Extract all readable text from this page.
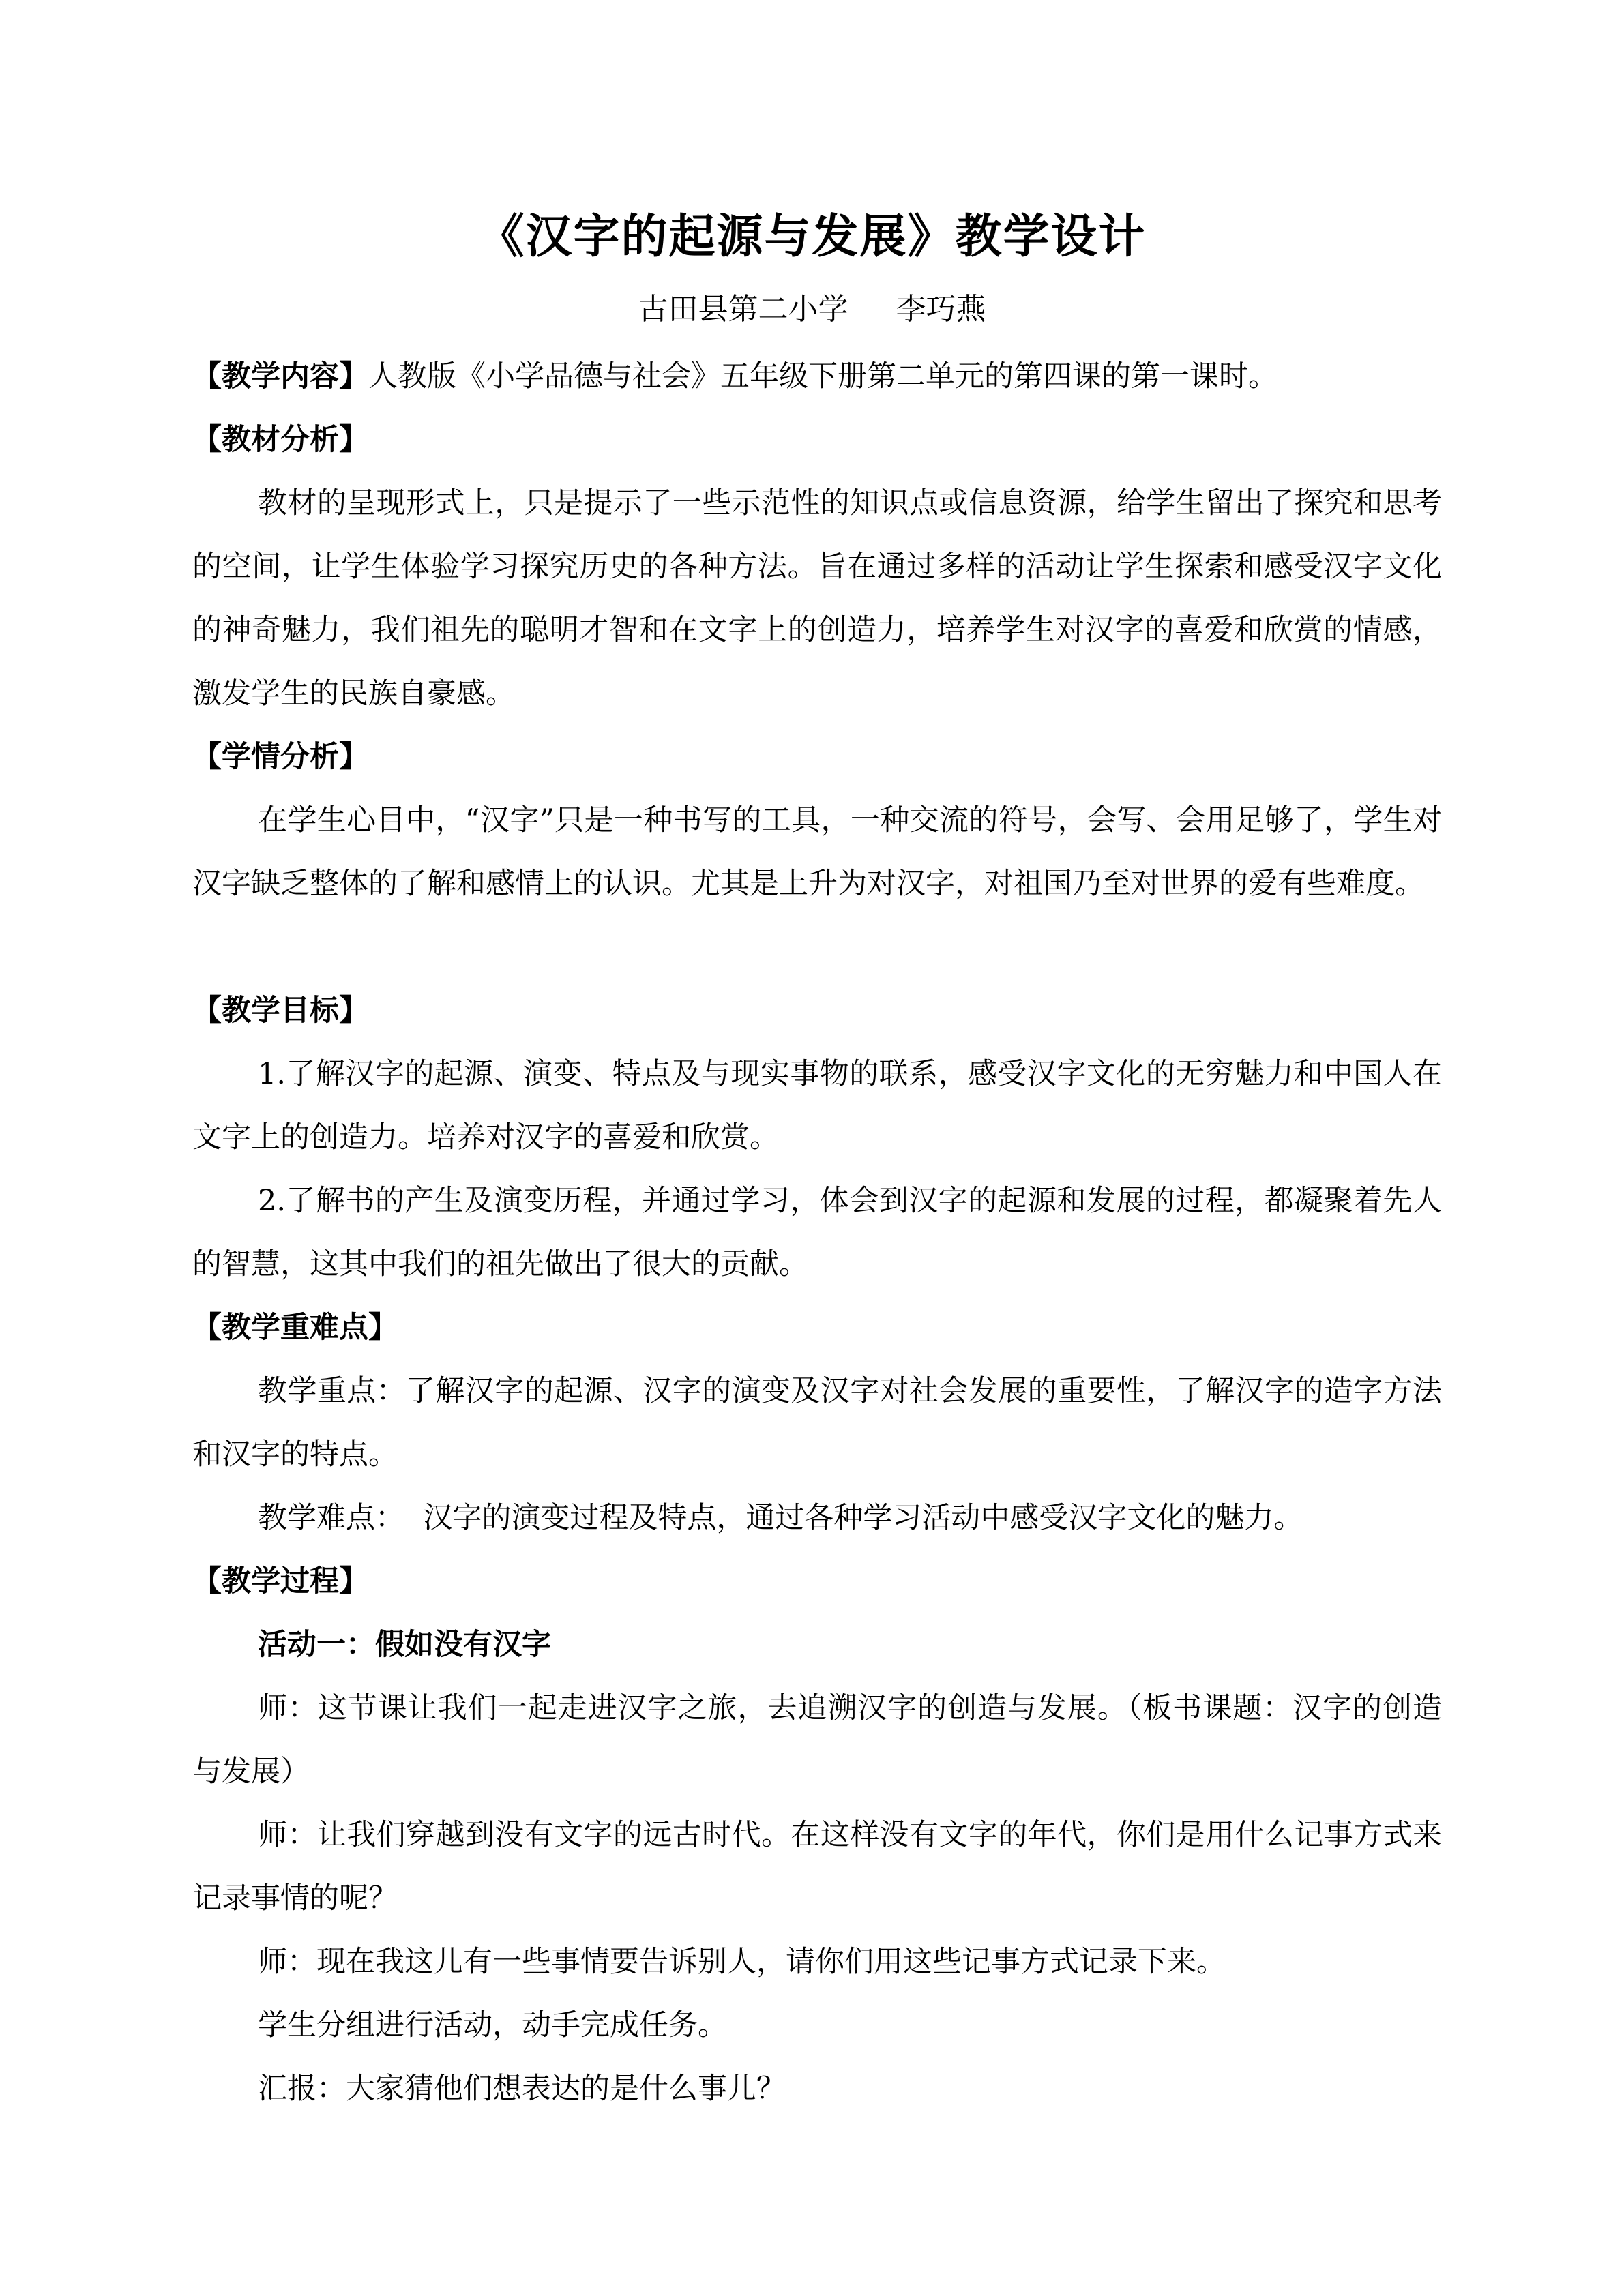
《汉字的起源与发展》教学设计
古田县第二小学 李巧燕
【教学内容】人教版《小学品德与社会》五年级下册第二单元的第四课的第一课时。
【教材分析】

教材的呈现形式上，只是提示了一些示范性的知识点或信息资源，给学生留出了探究和思考的空间，让学生体验学习探究历史的各种方法。旨在通过多样的活动让学生探索和感受汉字文化的神奇魅力，我们祖先的聪明才智和在文字上的创造力，培养学生对汉字的喜爱和欣赏的情感，激发学生的民族自豪感。

【学情分析】

在学生心目中，“汉字”只是一种书写的工具，一种交流的符号，会写、会用足够了，学生对汉字缺乏整体的了解和感情上的认识。尤其是上升为对汉字，对祖国乃至对世界的爱有些难度。

【教学目标】

1.了解汉字的起源、演变、特点及与现实事物的联系，感受汉字文化的无穷魅力和中国人在文字上的创造力。培养对汉字的喜爱和欣赏。

2.了解书的产生及演变历程，并通过学习，体会到汉字的起源和发展的过程，都凝聚着先人的智慧，这其中我们的祖先做出了很大的贡献。

【教学重难点】

教学重点：了解汉字的起源、汉字的演变及汉字对社会发展的重要性，了解汉字的造字方法和汉字的特点。

教学难点：  汉字的演变过程及特点，通过各种学习活动中感受汉字文化的魅力。
【教学过程】
活动一：假如没有汉字

师：这节课让我们一起走进汉字之旅，去追溯汉字的创造与发展。（板书课题：汉字的创造与发展）

师：让我们穿越到没有文字的远古时代。在这样没有文字的年代，你们是用什么记事方式来记录事情的呢？

师：现在我这儿有一些事情要告诉别人，请你们用这些记事方式记录下来。
学生分组进行活动，动手完成任务。
汇报：大家猜他们想表达的是什么事儿？
